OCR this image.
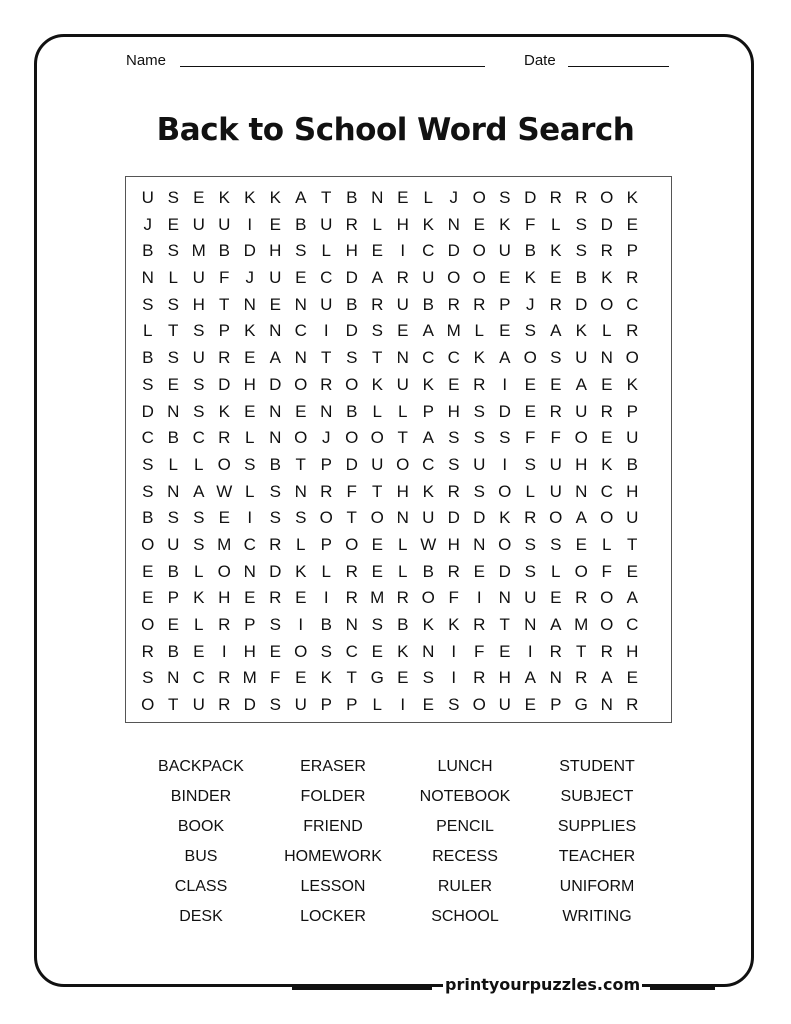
Name	Date
Back to School Word Search
U S E K K K A T B N E L J O S D R R O K
J E U U I	E B U R L H K N E K F L S D E
B S M B D H S L H E	I	C D O U B K S R P
N L U F J U E C D A R U O O E K E B K R
S S H T N E N U B R U B R R P J R D O C
L T S P K N C I	D S E A M L E S A K L R
B S U R E A N T S T N C C K A O S U N O
S E S D H D O R O K U K E R I	E E A E K
D N S K E N E N B L L P H S D E R U R P
C B C R L N O J O O T A S S S F F O E U
S L L O S B T P D U O C S U I	S U H K B
S N A W L S N R F T H K R S O L U N C H
B S S E	I	S S O T O N U D D K R O A O U
O U S M C R L P O E L W H N O S S E L T
E B L O N D K L R E L B R E D S L O F E
E P K H E R E	I	R M R O F	I	N U E R O A
O E L R P S	I	B N S B K K R T N A M O C
R B E	I	H E O S C E K N I	F E	I	R T R H
S N C R M F E K T G E S	I	R H A N R A E
O T U R D S U P P L	I	E S O U E P G N R
BACKPACK	ERASER	LUNCH	STUDENT
BINDER	FOLDER	NOTEBOOK	SUBJECT
BOOK	FRIEND	PENCIL	SUPPLIES
BUS	HOMEWORK	RECESS	TEACHER
CLASS	LESSON	RULER	UNIFORM
DESK	LOCKER	SCHOOL	WRITING
printyourpuzzles.com
